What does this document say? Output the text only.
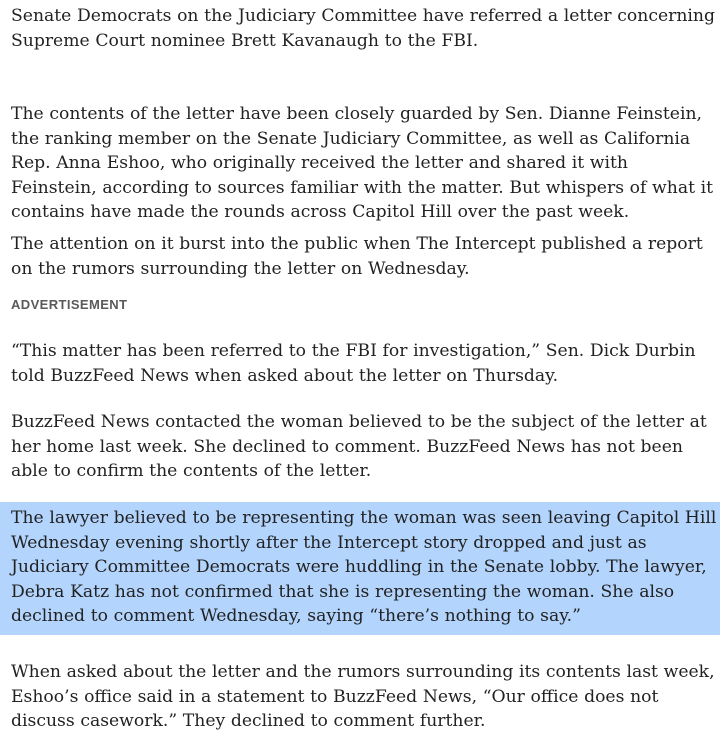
Senate Democrats on the Judiciary Committee have referred a letter concerning Supreme Court nominee Brett Kavanaugh to the FBI.

The contents of the letter have been closely guarded by Sen. Dianne Feinstein, the ranking member on the Senate Judiciary Committee, as well as California Rep. Anna Eshoo, who originally received the letter and shared it with Feinstein, according to sources familiar with the matter. But whispers of what it contains have made the rounds across Capitol Hill over the past week.

The attention on it burst into the public when The Intercept published a report on the rumors surrounding the letter on Wednesday.

ADVERTISEMENT

“This matter has been referred to the FBI for investigation,” Sen. Dick Durbin told BuzzFeed News when asked about the letter on Thursday.

BuzzFeed News contacted the woman believed to be the subject of the letter at her home last week. She declined to comment. BuzzFeed News has not been able to confirm the contents of the letter.

The lawyer believed to be representing the woman was seen leaving Capitol Hill Wednesday evening shortly after the Intercept story dropped and just as Judiciary Committee Democrats were huddling in the Senate lobby. The lawyer, Debra Katz has not confirmed that she is representing the woman. She also declined to comment Wednesday, saying “there’s nothing to say.”

When asked about the letter and the rumors surrounding its contents last week, Eshoo’s office said in a statement to BuzzFeed News, “Our office does not discuss casework.” They declined to comment further.
